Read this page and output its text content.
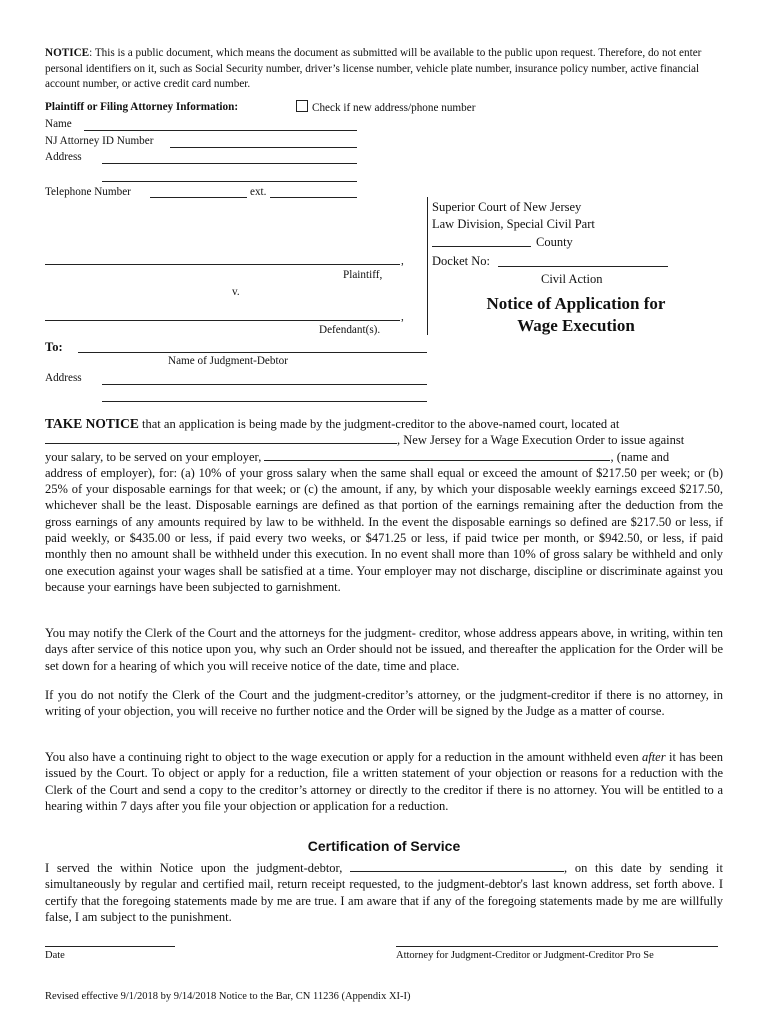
NOTICE: This is a public document, which means the document as submitted will be available to the public upon request. Therefore, do not enter personal identifiers on it, such as Social Security number, driver’s license number, vehicle plate number, insurance policy number, active financial account number, or active credit card number.
Plaintiff or Filing Attorney Information:	Check if new address/phone number
Name
NJ Attorney ID Number
Address
Telephone Number	ext.
Superior Court of New Jersey
Law Division, Special Civil Part
County
Docket No:
Civil Action
Notice of Application for
Wage Execution
,
Plaintiff,
v.
,
Defendant(s).
To:
Name of Judgment-Debtor
Address
TAKE NOTICE that an application is being made by the judgment-creditor to the above-named court, located at
, New Jersey for a Wage Execution Order to issue against
your salary, to be served on your employer,	, (name and
address of employer), for: (a) 10% of your gross salary when the same shall equal or exceed the amount of $217.50 per week; or (b) 25% of your disposable earnings for that week; or (c) the amount, if any, by which your disposable weekly earnings exceed $217.50, whichever shall be the least. Disposable earnings are defined as that portion of the earnings remaining after the deduction from the gross earnings of any amounts required by law to be withheld. In the event the disposable earnings so defined are $217.50 or less, if paid weekly, or $435.00 or less, if paid every two weeks, or $471.25 or less, if paid twice per month, or $942.50, or less, if paid monthly then no amount shall be withheld under this execution. In no event shall more than 10% of gross salary be withheld and only one execution against your wages shall be satisfied at a time. Your employer may not discharge, discipline or discriminate against you because your earnings have been subjected to garnishment.
You may notify the Clerk of the Court and the attorneys for the judgment- creditor, whose address appears above, in writing, within ten days after service of this notice upon you, why such an Order should not be issued, and thereafter the application for the Order will be set down for a hearing of which you will receive notice of the date, time and place.
If you do not notify the Clerk of the Court and the judgment-creditor’s attorney, or the judgment-creditor if there is no attorney, in writing of your objection, you will receive no further notice and the Order will be signed by the Judge as a matter of course.
You also have a continuing right to object to the wage execution or apply for a reduction in the amount withheld even after it has been issued by the Court. To object or apply for a reduction, file a written statement of your objection or reasons for a reduction with the Clerk of the Court and send a copy to the creditor’s attorney or directly to the creditor if there is no attorney. You will be entitled to a hearing within 7 days after you file your objection or application for a reduction.
Certification of Service
I served the within Notice upon the judgment-debtor,	, on this date by sending it simultaneously by regular and certified mail, return receipt requested, to the judgment-debtor's last known address, set forth above. I certify that the foregoing statements made by me are true. I am aware that if any of the foregoing statements made by me are willfully false, I am subject to the punishment.
Date	Attorney for Judgment-Creditor or Judgment-Creditor Pro Se
Revised effective 9/1/2018 by 9/14/2018 Notice to the Bar, CN 11236 (Appendix XI-I)
